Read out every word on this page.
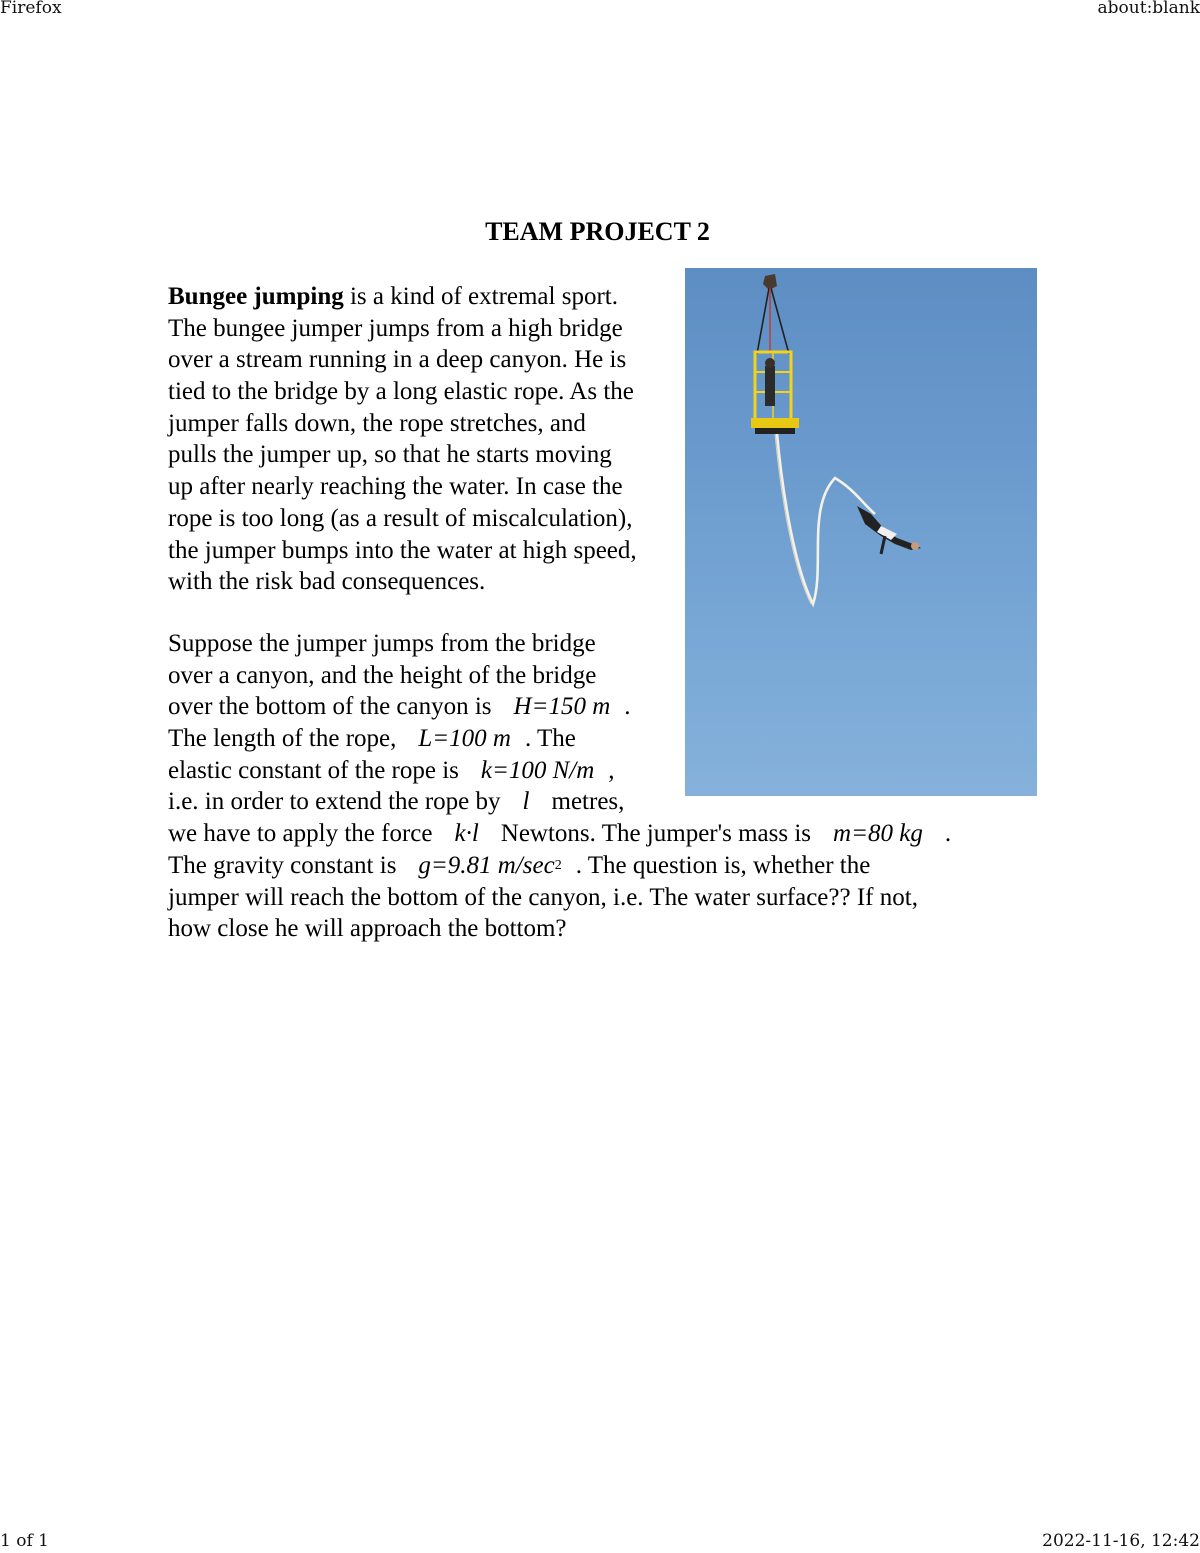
Firefox	about:blank
TEAM PROJECT 2
Bungee jumping is a kind of extremal sport.
The bungee jumper jumps from a high bridge
over a stream running in a deep canyon. He is
tied to the bridge by a long elastic rope. As the
jumper falls down, the rope stretches, and
pulls the jumper up, so that he starts moving
up after nearly reaching the water. In case the
rope is too long (as a result of miscalculation),
the jumper bumps into the water at high speed,
with the risk bad consequences.
Suppose the jumper jumps from the bridge
over a canyon, and the height of the bridge
over the bottom of the canyon is H=150 m .
The length of the rope, L=100 m . The
elastic constant of the rope is k=100 N/m ,
i.e. in order to extend the rope by l metres,
we have to apply the force k·l Newtons. The jumper's mass is m=80 kg .
The gravity constant is g=9.81 $m/\sec^2$ . The question is, whether the
jumper will reach the bottom of the canyon, i.e. The water surface?? If not,
how close he will approach the bottom?
1 of 1	2022-11-16, 12:42
